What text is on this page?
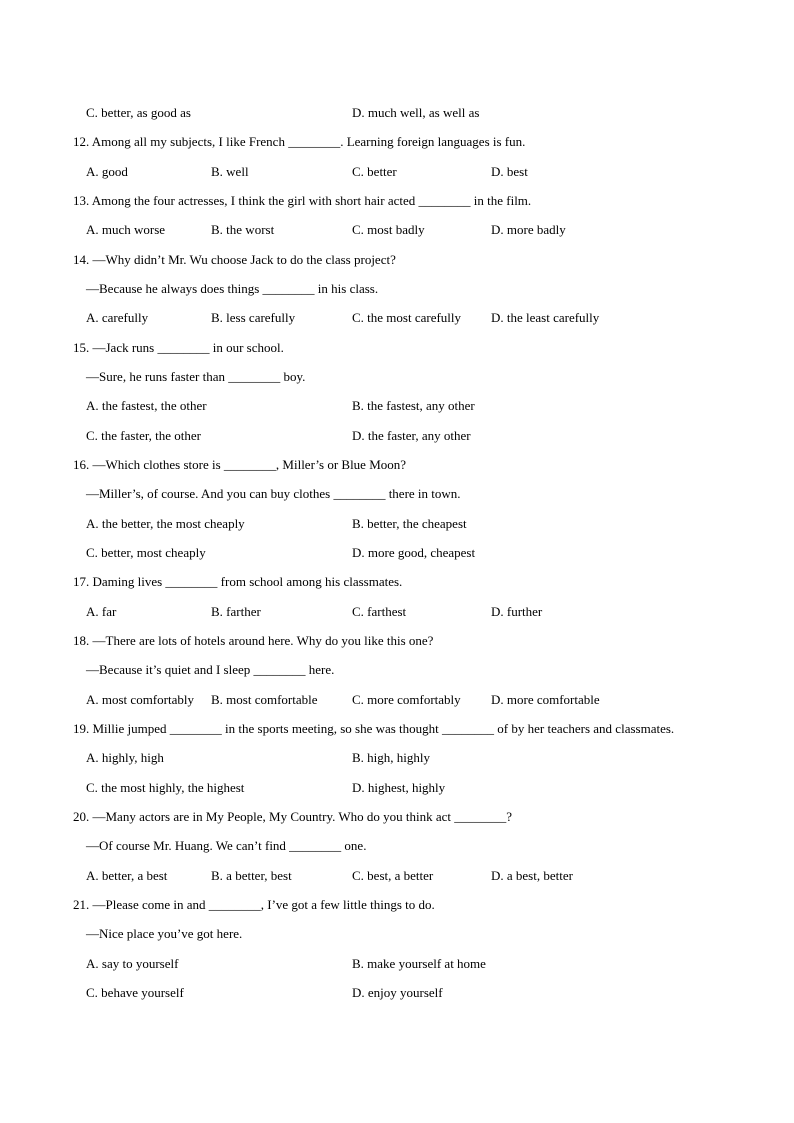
C. better, as good as	D. much well, as well as
12. Among all my subjects, I like French ________. Learning foreign languages is fun.
A. good	B. well	C. better	D. best
13. Among the four actresses, I think the girl with short hair acted ________ in the film.
A. much worse	B. the worst	C. most badly	D. more badly
14. —Why didn’t Mr. Wu choose Jack to do the class project?
—Because he always does things ________ in his class.
A. carefully	B. less carefully	C. the most carefully D. the least carefully
15. —Jack runs ________ in our school.
—Sure, he runs faster than ________ boy.
A. the fastest, the other	B. the fastest, any other
C. the faster, the other	D. the faster, any other
16. —Which clothes store is ________, Miller’s or Blue Moon?
—Miller’s, of course. And you can buy clothes ________ there in town.
A. the better, the most cheaply	B. better, the cheapest
C. better, most cheaply	D. more good, cheapest
17. Daming lives ________ from school among his classmates.
A. far	B. farther	C. farthest	D. further
18. —There are lots of hotels around here. Why do you like this one?
—Because it’s quiet and I sleep ________ here.
A. most comfortably B. most comfortable	C. more comfortably D. more comfortable
19. Millie jumped ________ in the sports meeting, so she was thought ________ of by her teachers and classmates.
A. highly, high	B. high, highly
C. the most highly, the highest	D. highest, highly
20. —Many actors are in My People, My Country. Who do you think act ________?
—Of course Mr. Huang. We can’t find ________ one.
A. better, a best	B. a better, best	C. best, a better	D. a best, better
21. —Please come in and ________, I’ve got a few little things to do.
—Nice place you’ve got here.
A. say to yourself	B. make yourself at home
C. behave yourself	D. enjoy yourself
